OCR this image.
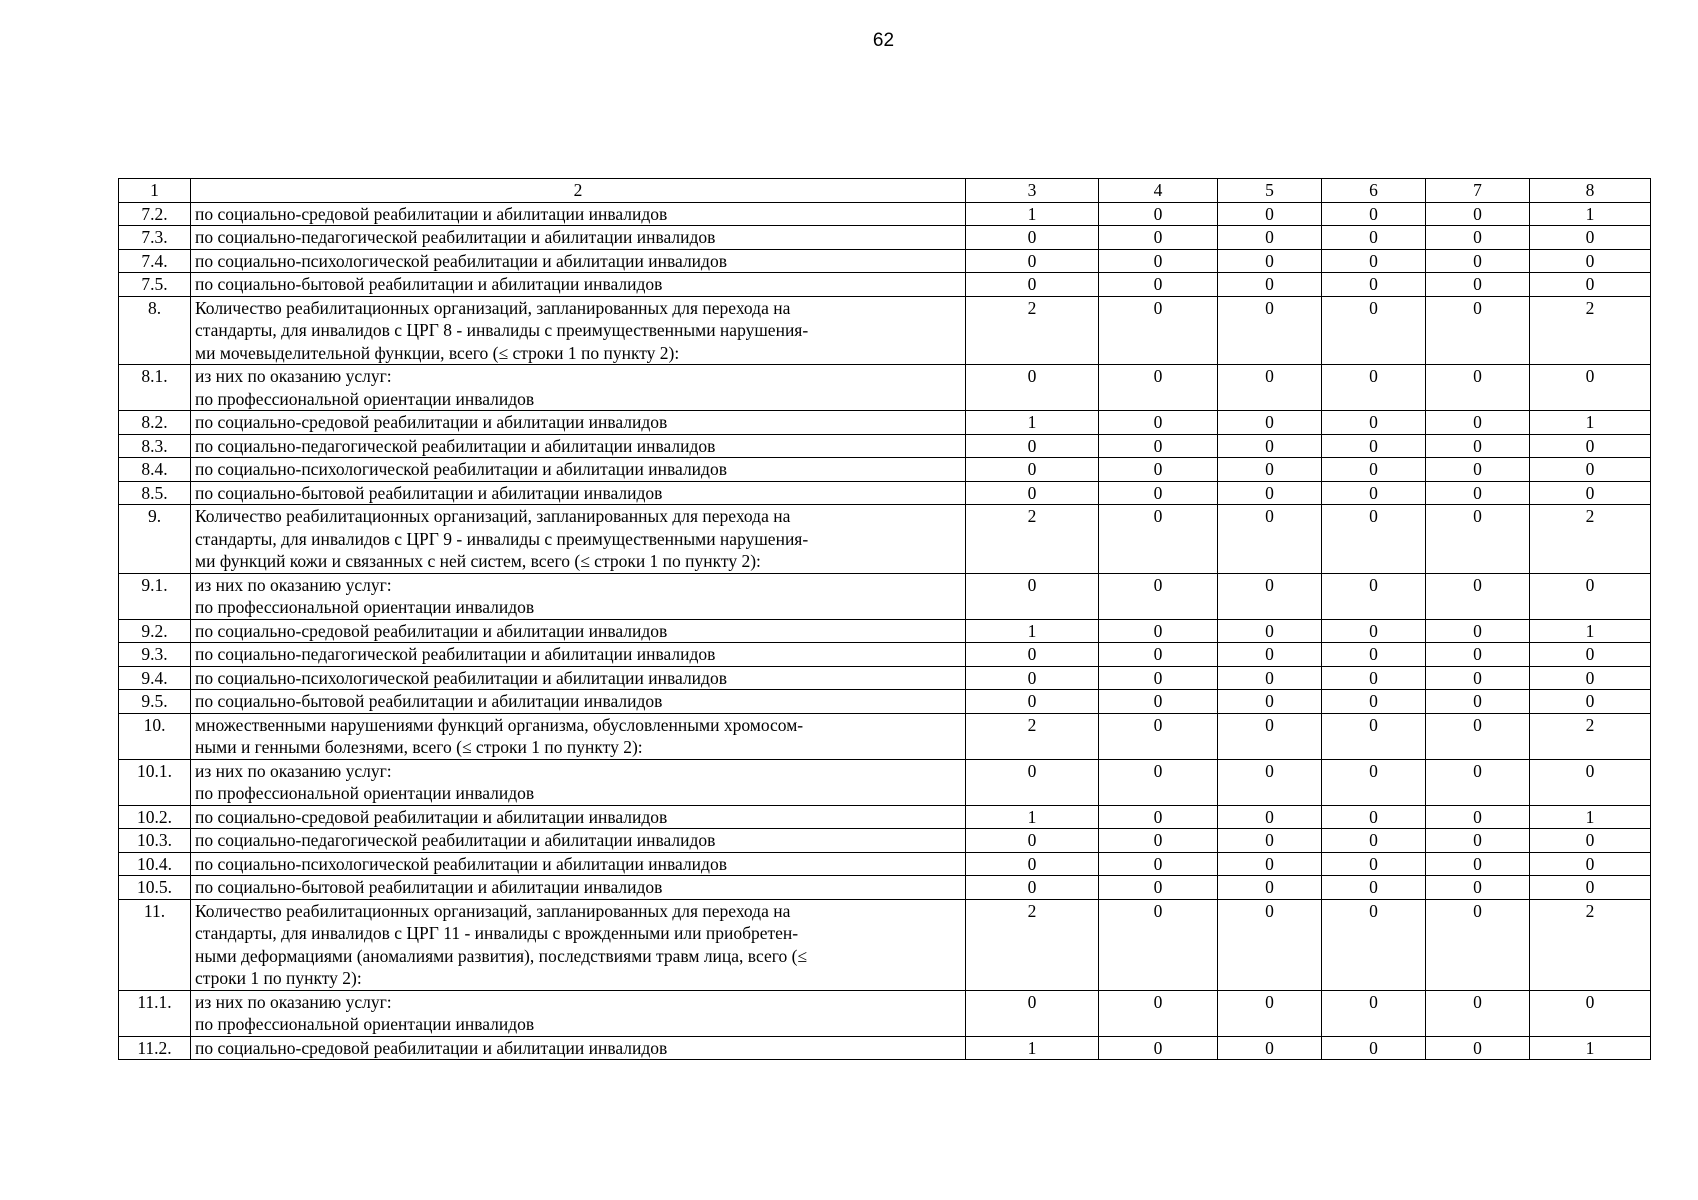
62
1	2	3	4	5	6	7	8
7.2.	по социально-средовой реабилитации и абилитации инвалидов	1	0	0	0	0	1
7.3.	по социально-педагогической реабилитации и абилитации инвалидов	0	0	0	0	0	0
7.4.	по социально-психологической реабилитации и абилитации инвалидов	0	0	0	0	0	0
7.5.	по социально-бытовой реабилитации и абилитации инвалидов	0	0	0	0	0	0
8.	Количество реабилитационных организаций, запланированных для перехода на
стандарты, для инвалидов с ЦРГ 8 - инвалиды с преимущественными нарушения-
ми мочевыделительной функции, всего (≤ строки 1 по пункту 2):	2	0	0	0	0	2
8.1.	из них по оказанию услуг:
по профессиональной ориентации инвалидов	0	0	0	0	0	0
8.2.	по социально-средовой реабилитации и абилитации инвалидов	1	0	0	0	0	1
8.3.	по социально-педагогической реабилитации и абилитации инвалидов	0	0	0	0	0	0
8.4.	по социально-психологической реабилитации и абилитации инвалидов	0	0	0	0	0	0
8.5.	по социально-бытовой реабилитации и абилитации инвалидов	0	0	0	0	0	0
9.	Количество реабилитационных организаций, запланированных для перехода на
стандарты, для инвалидов с ЦРГ 9 - инвалиды с преимущественными нарушения-
ми функций кожи и связанных с ней систем, всего (≤ строки 1 по пункту 2):	2	0	0	0	0	2
9.1.	из них по оказанию услуг:
по профессиональной ориентации инвалидов	0	0	0	0	0	0
9.2.	по социально-средовой реабилитации и абилитации инвалидов	1	0	0	0	0	1
9.3.	по социально-педагогической реабилитации и абилитации инвалидов	0	0	0	0	0	0
9.4.	по социально-психологической реабилитации и абилитации инвалидов	0	0	0	0	0	0
9.5.	по социально-бытовой реабилитации и абилитации инвалидов	0	0	0	0	0	0
10.	множественными нарушениями функций организма, обусловленными хромосом-
ными и генными болезнями, всего (≤ строки 1 по пункту 2):	2	0	0	0	0	2
10.1.	из них по оказанию услуг:
по профессиональной ориентации инвалидов	0	0	0	0	0	0
10.2.	по социально-средовой реабилитации и абилитации инвалидов	1	0	0	0	0	1
10.3.	по социально-педагогической реабилитации и абилитации инвалидов	0	0	0	0	0	0
10.4.	по социально-психологической реабилитации и абилитации инвалидов	0	0	0	0	0	0
10.5.	по социально-бытовой реабилитации и абилитации инвалидов	0	0	0	0	0	0
11.	Количество реабилитационных организаций, запланированных для перехода на
стандарты, для инвалидов с ЦРГ 11 - инвалиды с врожденными или приобретен-
ными деформациями (аномалиями развития), последствиями травм лица, всего (≤
строки 1 по пункту 2):	2	0	0	0	0	2
11.1.	из них по оказанию услуг:
по профессиональной ориентации инвалидов	0	0	0	0	0	0
11.2.	по социально-средовой реабилитации и абилитации инвалидов	1	0	0	0	0	1
